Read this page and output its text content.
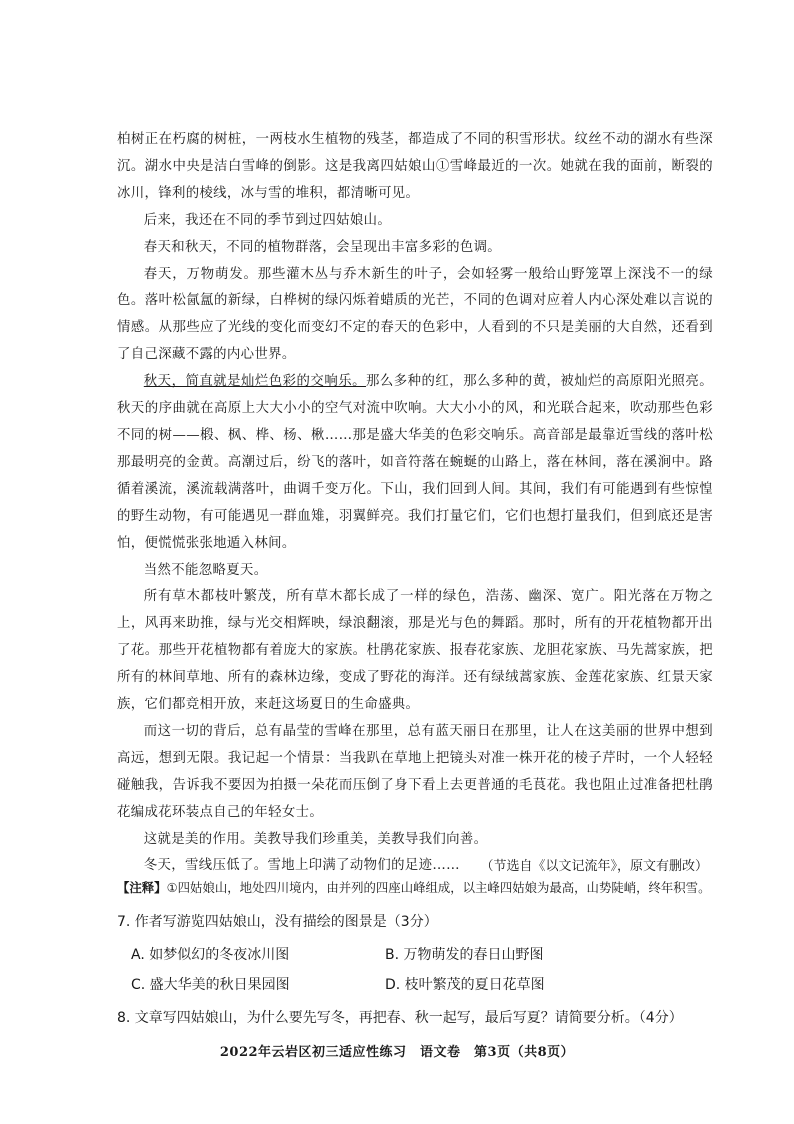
柏树正在朽腐的树桩，一两枝水生植物的残茎，都造成了不同的积雪形状。纹丝不动的湖水有些深沉。湖水中央是洁白雪峰的倒影。这是我离四姑娘山①雪峰最近的一次。她就在我的面前，断裂的冰川，锋利的棱线，冰与雪的堆积，都清晰可见。

后来，我还在不同的季节到过四姑娘山。

春天和秋天，不同的植物群落，会呈现出丰富多彩的色调。

春天，万物萌发。那些灌木丛与乔木新生的叶子，会如轻雾一般给山野笼罩上深浅不一的绿色。落叶松氤氲的新绿，白桦树的绿闪烁着蜡质的光芒，不同的色调对应着人内心深处难以言说的情感。从那些应了光线的变化而变幻不定的春天的色彩中，人看到的不只是美丽的大自然，还看到了自己深藏不露的内心世界。

秋天，简直就是灿烂色彩的交响乐。那么多种的红，那么多种的黄，被灿烂的高原阳光照亮。秋天的序曲就在高原上大大小小的空气对流中吹响。大大小小的风，和光联合起来，吹动那些色彩不同的树——椴、枫、桦、杨、楸……那是盛大华美的色彩交响乐。高音部是最靠近雪线的落叶松那最明亮的金黄。高潮过后，纷飞的落叶，如音符落在蜿蜒的山路上，落在林间，落在溪涧中。路循着溪流，溪流载满落叶，曲调千变万化。下山，我们回到人间。其间，我们有可能遇到有些惊惶的野生动物，有可能遇见一群血雉，羽翼鲜亮。我们打量它们，它们也想打量我们，但到底还是害怕，便慌慌张张地遁入林间。

当然不能忽略夏天。

所有草木都枝叶繁茂，所有草木都长成了一样的绿色，浩荡、幽深、宽广。阳光落在万物之上，风再来助推，绿与光交相辉映，绿浪翻滚，那是光与色的舞蹈。那时，所有的开花植物都开出了花。那些开花植物都有着庞大的家族。杜鹃花家族、报春花家族、龙胆花家族、马先蒿家族，把所有的林间草地、所有的森林边缘，变成了野花的海洋。还有绿绒蒿家族、金莲花家族、红景天家族，它们都竞相开放，来赶这场夏日的生命盛典。

而这一切的背后，总有晶莹的雪峰在那里，总有蓝天丽日在那里，让人在这美丽的世界中想到高远，想到无限。我记起一个情景：当我趴在草地上把镜头对准一株开花的棱子芹时，一个人轻轻碰触我，告诉我不要因为拍摄一朵花而压倒了身下看上去更普通的毛茛花。我也阻止过准备把杜鹃花编成花环装点自己的年轻女士。

这就是美的作用。美教导我们珍重美，美教导我们向善。

冬天，雪线压低了。雪地上印满了动物们的足迹……	（节选自《以文记流年》，原文有删改）
【注释】①四姑娘山，地处四川境内，由并列的四座山峰组成，以主峰四姑娘为最高，山势陡峭，终年积雪。
7. 作者写游览四姑娘山，没有描绘的图景是（3分）
A. 如梦似幻的冬夜冰川图	B. 万物萌发的春日山野图
C. 盛大华美的秋日果园图	D. 枝叶繁茂的夏日花草图
8. 文章写四姑娘山，为什么要先写冬，再把春、秋一起写，最后写夏？请简要分析。（4分）
2022年云岩区初三适应性练习　语文卷　第3页（共8页）
